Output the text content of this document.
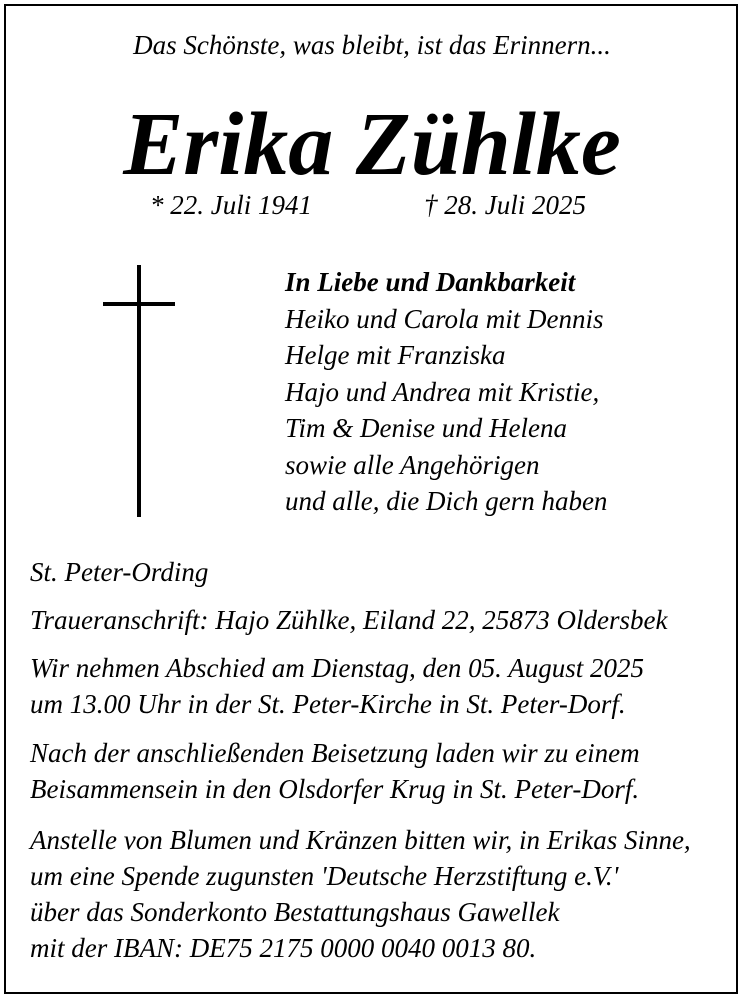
Das Schönste, was bleibt, ist das Erinnern...
Erika Zühlke
* 22. Juli 1941	† 28. Juli 2025
In Liebe und Dankbarkeit
Heiko und Carola mit Dennis
Helge mit Franziska
Hajo und Andrea mit Kristie,
Tim & Denise und Helena
sowie alle Angehörigen
und alle, die Dich gern haben
St. Peter-Ording
Traueranschrift: Hajo Zühlke, Eiland 22, 25873 Oldersbek
Wir nehmen Abschied am Dienstag, den 05. August 2025
um 13.00 Uhr in der St. Peter-Kirche in St. Peter-Dorf.
Nach der anschließenden Beisetzung laden wir zu einem
Beisammensein in den Olsdorfer Krug in St. Peter-Dorf.
Anstelle von Blumen und Kränzen bitten wir, in Erikas Sinne,
um eine Spende zugunsten 'Deutsche Herzstiftung e.V.'
über das Sonderkonto Bestattungshaus Gawellek
mit der IBAN: DE75 2175 0000 0040 0013 80.
